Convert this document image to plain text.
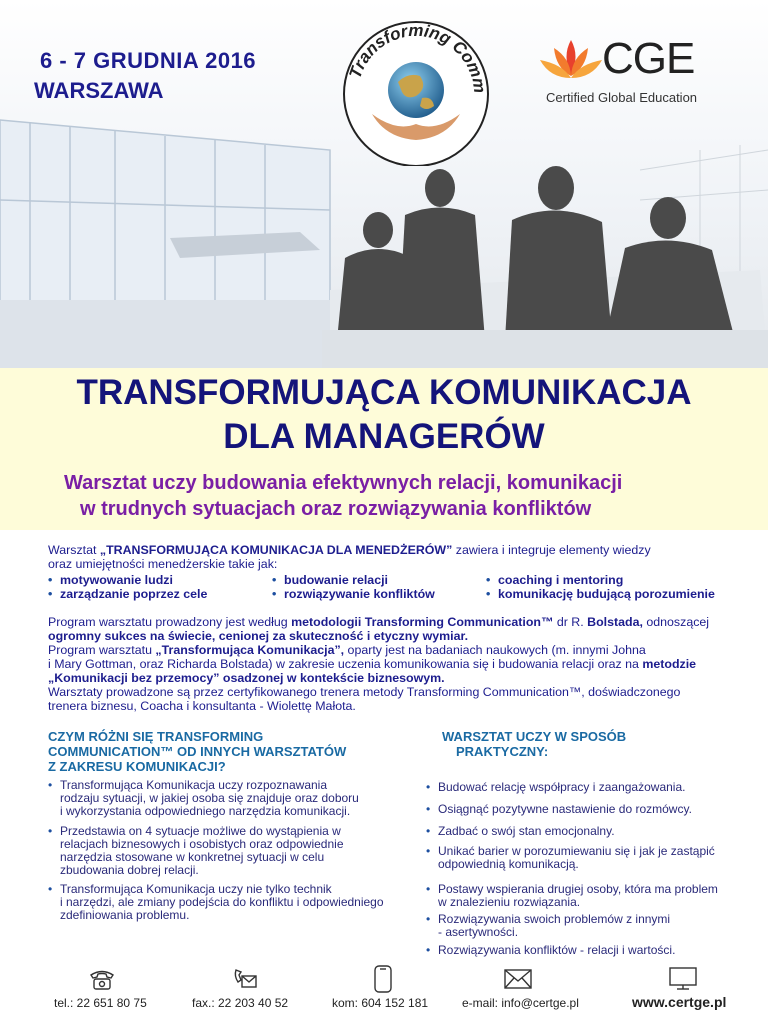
6 - 7 GRUDNIA 2016
WARSZAWA
Transforming Comm
CGE
Certified Global Education
TRANSFORMUJĄCA KOMUNIKACJA
DLA MANAGERÓW
Warsztat uczy budowania efektywnych relacji, komunikacji
w trudnych sytuacjach oraz rozwiązywania konfliktów
Warsztat „TRANSFORMUJĄCA KOMUNIKACJA DLA MENEDŻERÓW” zawiera i integruje elementy wiedzy
oraz umiejętności menedżerskie takie jak:
• motywowanie ludzi
• zarządzanie poprzez cele
• budowanie relacji
• rozwiązywanie konfliktów
• coaching i mentoring
• komunikację budującą porozumienie
Program warsztatu prowadzony jest według metodologii Transforming Communication™ dr R. Bolstada, odnoszącej
ogromny sukces na świecie, cenionej za skuteczność i etyczny wymiar.
Program warsztatu „Transformująca Komunikacja”, oparty jest na badaniach naukowych (m. innymi Johna
i Mary Gottman, oraz Richarda Bolstada) w zakresie uczenia komunikowania się i budowania relacji oraz na metodzie
„Komunikacji bez przemocy” osadzonej w kontekście biznesowym.
Warsztaty prowadzone są przez certyfikowanego trenera metody Transforming Communication™, doświadczonego
trenera biznesu, Coacha i konsultanta - Wiolettę Małota.
CZYM RÓŻNI SIĘ TRANSFORMING
COMMUNICATION™ OD INNYCH WARSZTATÓW
Z ZAKRESU KOMUNIKACJI?
• Transformująca Komunikacja uczy rozpoznawania
rodzaju sytuacji, w jakiej osoba się znajduje oraz doboru
i wykorzystania odpowiedniego narzędzia komunikacji.
• Przedstawia on 4 sytuacje możliwe do wystąpienia w
relacjach biznesowych i osobistych oraz odpowiednie
narzędzia stosowane w konkretnej sytuacji w celu
zbudowania dobrej relacji.
• Transformująca Komunikacja uczy nie tylko technik
i narzędzi, ale zmiany podejścia do konfliktu i odpowiedniego
zdefiniowania problemu.
WARSZTAT UCZY W SPOSÓB
PRAKTYCZNY:
• Budować relację współpracy i zaangażowania.
• Osiągnąć pozytywne nastawienie do rozmówcy.
• Zadbać o swój stan emocjonalny.
• Unikać barier w porozumiewaniu się i jak je zastąpić
odpowiednią komunikacją.
• Postawy wspierania drugiej osoby, która ma problem
w znalezieniu rozwiązania.
• Rozwiązywania swoich problemów z innymi
- asertywności.
• Rozwiązywania konfliktów - relacji i wartości.
tel.: 22 651 80 75	fax.: 22 203 40 52	kom: 604 152 181	e-mail: info@certge.pl	www.certge.pl
